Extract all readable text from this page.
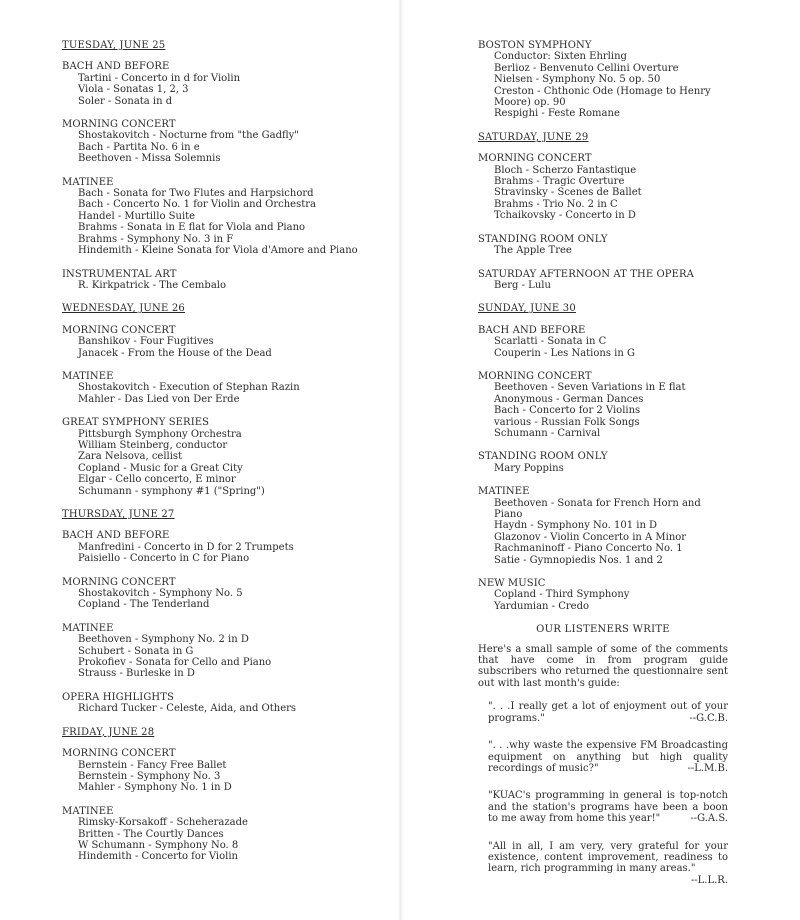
TUESDAY, JUNE 25
BACH AND BEFORE
Tartini - Concerto in d for Violin
Viola - Sonatas 1, 2, 3
Soler - Sonata in d
MORNING CONCERT
Shostakovitch - Nocturne from "the Gadfly"
Bach - Partita No. 6 in e
Beethoven - Missa Solemnis
MATINEE
Bach - Sonata for Two Flutes and Harpsichord
Bach - Concerto No. 1 for Violin and Orchestra
Handel - Murtillo Suite
Brahms - Sonata in E flat for Viola and Piano
Brahms - Symphony No. 3 in F
Hindemith - Kleine Sonata for Viola d'Amore and Piano
INSTRUMENTAL ART
R. Kirkpatrick - The Cembalo
WEDNESDAY, JUNE 26
MORNING CONCERT
Banshikov - Four Fugitives
Janacek - From the House of the Dead
MATINEE
Shostakovitch - Execution of Stephan Razin
Mahler - Das Lied von Der Erde
GREAT SYMPHONY SERIES
Pittsburgh Symphony Orchestra
William Steinberg, conductor
Zara Nelsova, cellist
Copland - Music for a Great City
Elgar - Cello concerto, E minor
Schumann - symphony #1 ("Spring")
THURSDAY, JUNE 27
BACH AND BEFORE
Manfredini - Concerto in D for 2 Trumpets
Paisiello - Concerto in C for Piano
MORNING CONCERT
Shostakovitch - Symphony No. 5
Copland - The Tenderland
MATINEE
Beethoven - Symphony No. 2 in D
Schubert - Sonata in G
Prokofiev - Sonata for Cello and Piano
Strauss - Burleske in D
OPERA HIGHLIGHTS
Richard Tucker - Celeste, Aida, and Others
FRIDAY, JUNE 28
MORNING CONCERT
Bernstein - Fancy Free Ballet
Bernstein - Symphony No. 3
Mahler - Symphony No. 1 in D
MATINEE
Rimsky-Korsakoff - Scheherazade
Britten - The Courtly Dances
W Schumann - Symphony No. 8
Hindemith - Concerto for Violin
BOSTON SYMPHONY
Conductor: Sixten Ehrling
Berlioz - Benvenuto Cellini Overture
Nielsen - Symphony No. 5 op. 50
Creston - Chthonic Ode (Homage to Henry Moore) op. 90
Respighi - Feste Romane
SATURDAY, JUNE 29
MORNING CONCERT
Bloch - Scherzo Fantastique
Brahms - Tragic Overture
Stravinsky - Scenes de Ballet
Brahms - Trio No. 2 in C
Tchaikovsky - Concerto in D
STANDING ROOM ONLY
The Apple Tree
SATURDAY AFTERNOON AT THE OPERA
Berg - Lulu
SUNDAY, JUNE 30
BACH AND BEFORE
Scarlatti - Sonata in C
Couperin - Les Nations in G
MORNING CONCERT
Beethoven - Seven Variations in E flat
Anonymous - German Dances
Bach - Concerto for 2 Violins
various - Russian Folk Songs
Schumann - Carnival
STANDING ROOM ONLY
Mary Poppins
MATINEE
Beethoven - Sonata for French Horn and Piano
Haydn - Symphony No. 101 in D
Glazonov - Violin Concerto in A Minor
Rachmaninoff - Piano Concerto No. 1
Satie - Gymnopiedis Nos. 1 and 2
NEW MUSIC
Copland - Third Symphony
Yardumian - Credo
OUR LISTENERS WRITE
Here's a small sample of some of the comments that have come in from program guide subscribers who returned the questionnaire sent out with last month's guide:
". . .I really get a lot of enjoyment out of your programs."	--G.C.B.
". . .why waste the expensive FM Broadcasting equipment on anything but high quality recordings of music?"	--L.M.B.
"KUAC's programming in general is top-notch and the station's programs have been a boon to me away from home this year!"	--G.A.S.
"All in all, I am very, very grateful for your existence, content improvement, readiness to learn, rich programming in many areas."
--L.L.R.
